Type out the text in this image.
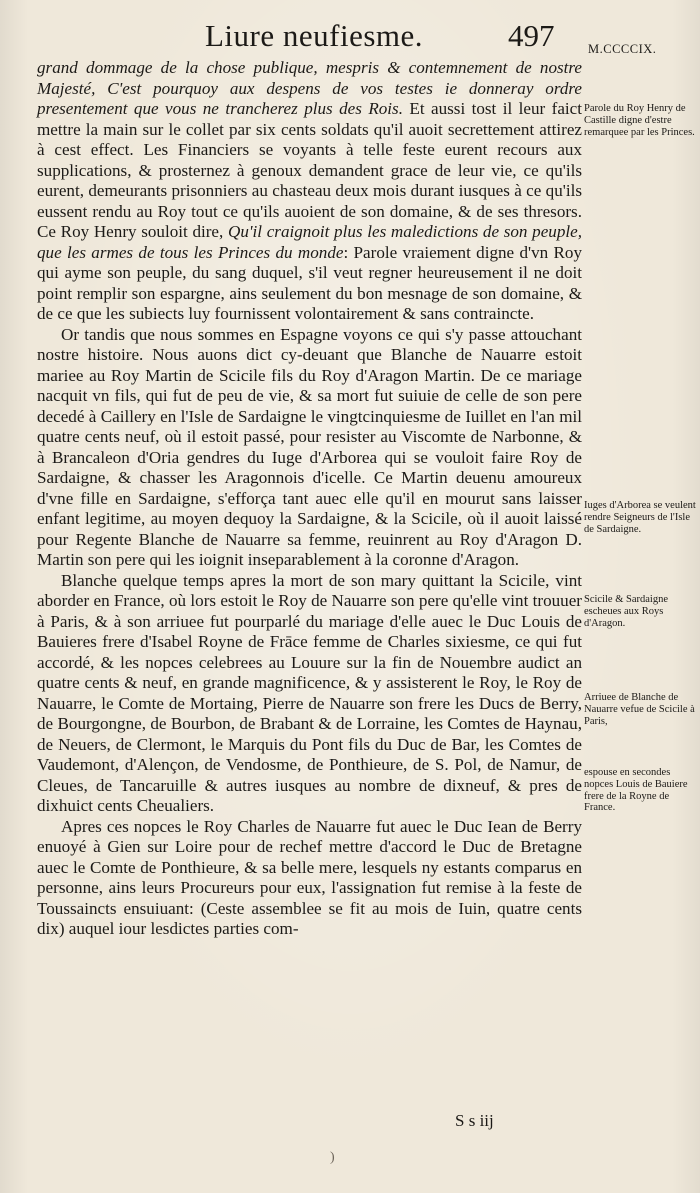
Liure neufiesme.	497	M.CCCCIX.

grand dommage de la chose publique, mespris & contemnement de nostre Majesté, C'est pourquoy aux despens de vos testes ie donneray ordre presentement que vous ne trancherez plus des Rois. Et aussi tost il leur faict mettre la main sur le collet par six cents soldats qu'il auoit secrettement attirez à cest effect. Les Financiers se voyants à telle feste eurent recours aux supplications, & prosternez à genoux demandent grace de leur vie, ce qu'ils eurent, demeurants prisonniers au chasteau deux mois durant iusques à ce qu'ils eussent rendu au Roy tout ce qu'ils auoient de son domaine, & de ses thresors. Ce Roy Henry souloit dire, Qu'il craignoit plus les maledictions de son peuple, que les armes de tous les Princes du monde: Parole vraiement digne d'vn Roy qui ayme son peuple, du sang duquel, s'il veut regner heureusement il ne doit point remplir son espargne, ains seulement du bon mesnage de son domaine, & de ce que les subiects luy fournissent volontairement & sans contraincte.

Or tandis que nous sommes en Espagne voyons ce qui s'y passe attouchant nostre histoire. Nous auons dict cy-deuant que Blanche de Nauarre estoit mariee au Roy Martin de Scicile fils du Roy d'Aragon Martin. De ce mariage nacquit vn fils, qui fut de peu de vie, & sa mort fut suiuie de celle de son pere decedé à Caillery en l'Isle de Sardaigne le vingtcinquiesme de Iuillet en l'an mil quatre cents neuf, où il estoit passé, pour resister au Viscomte de Narbonne, & à Brancaleon d'Oria gendres du Iuge d'Arborea qui se vouloit faire Roy de Sardaigne, & chasser les Aragonnois d'icelle. Ce Martin deuenu amoureux d'vne fille en Sardaigne, s'efforça tant auec elle qu'il en mourut sans laisser enfant legitime, au moyen dequoy la Sardaigne, & la Scicile, où il auoit laissé pour Regente Blanche de Nauarre sa femme, reuinrent au Roy d'Aragon D. Martin son pere qui les ioignit inseparablement à la coronne d'Aragon.

Blanche quelque temps apres la mort de son mary quittant la Scicile, vint aborder en France, où lors estoit le Roy de Nauarre son pere qu'elle vint trouuer à Paris, & à son arriuee fut pourparlé du mariage d'elle auec le Duc Louis de Bauieres frere d'Isabel Royne de Frāce femme de Charles sixiesme, ce qui fut accordé, & les nopces celebrees au Louure sur la fin de Nouembre audict an quatre cents & neuf, en grande magnificence, & y assisterent le Roy, le Roy de Nauarre, le Comte de Mortaing, Pierre de Nauarre son frere les Ducs de Berry, de Bourgongne, de Bourbon, de Brabant & de Lorraine, les Comtes de Haynau, de Neuers, de Clermont, le Marquis du Pont fils du Duc de Bar, les Comtes de Vaudemont, d'Alençon, de Vendosme, de Ponthieure, de S. Pol, de Namur, de Cleues, de Tancaruille & autres iusques au nombre de dixneuf, & pres de dixhuict cents Cheualiers.

Apres ces nopces le Roy Charles de Nauarre fut auec le Duc Iean de Berry enuoyé à Gien sur Loire pour de rechef mettre d'accord le Duc de Bretagne auec le Comte de Ponthieure, & sa belle mere, lesquels ny estants comparus en personne, ains leurs Procureurs pour eux, l'assignation fut remise à la feste de Toussaincts ensuiuant: (Ceste assemblee se fit au mois de Iuin, quatre cents dix) auquel iour lesdictes parties com-

Parole du Roy Henry de Castille digne d'estre remarquee par les Princes.
Iuges d'Arborea se veulent rendre Seigneurs de l'Isle de Sardaigne.
Scicile & Sardaigne escheues aux Roys d'Aragon.
Arriuee de Blanche de Nauarre vefue de Scicile à Paris,
espouse en secondes nopces Louis de Bauiere frere de la Royne de France.
S s iij
)
